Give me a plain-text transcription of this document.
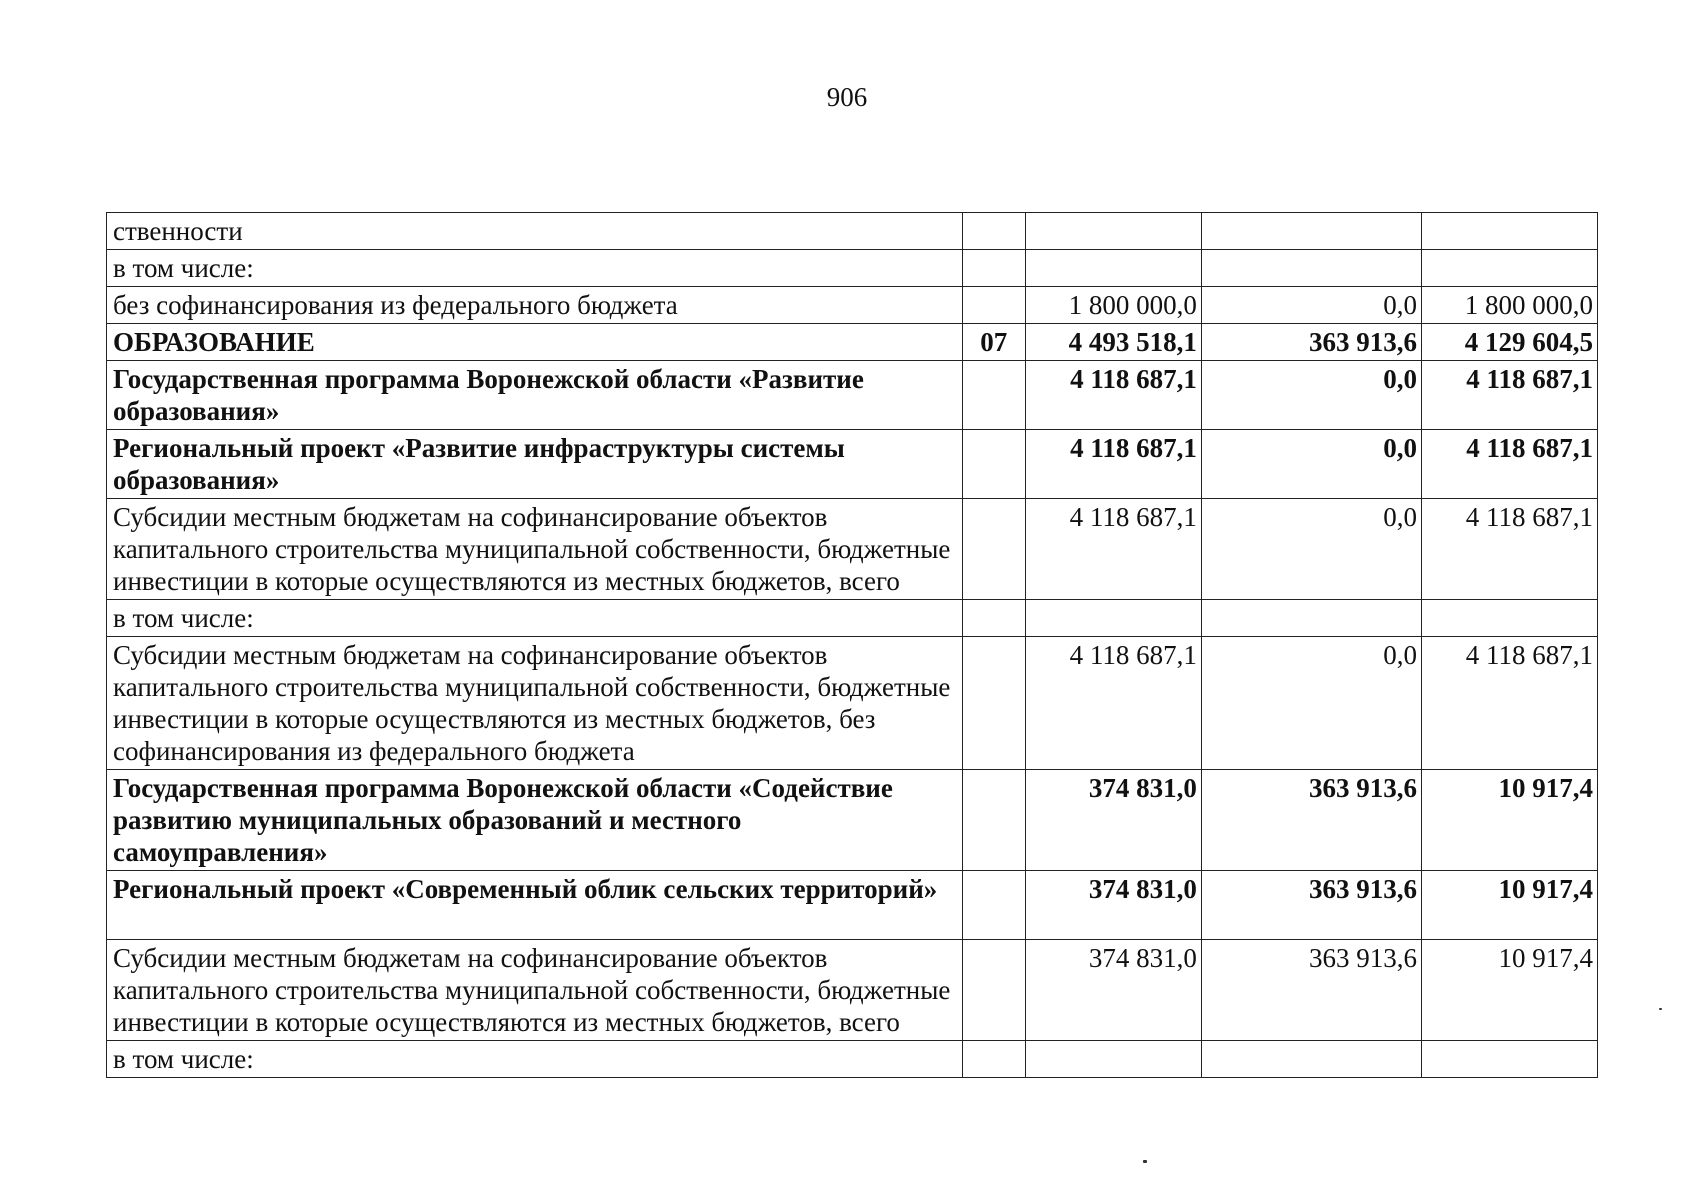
906
ственности				
в том числе:				
без софинансирования из федерального бюджета		1 800 000,0	0,0	1 800 000,0
ОБРАЗОВАНИЕ	07	4 493 518,1	363 913,6	4 129 604,5
Государственная программа Воронежской области «Развитие образования»		4 118 687,1	0,0	4 118 687,1
Региональный проект «Развитие инфраструктуры системы образования»		4 118 687,1	0,0	4 118 687,1
Субсидии местным бюджетам на софинансирование объектов капитального строительства муниципальной собственности, бюджетные инвестиции в которые осуществляются из местных бюджетов, всего		4 118 687,1	0,0	4 118 687,1
в том числе:				
Субсидии местным бюджетам на софинансирование объектов капитального строительства муниципальной собственности, бюджетные инвестиции в которые осуществляются из местных бюджетов, без софинансирования из федерального бюджета		4 118 687,1	0,0	4 118 687,1
Государственная программа Воронежской области «Содействие развитию муниципальных образований и местного самоуправления»		374 831,0	363 913,6	10 917,4
Региональный проект «Современный облик сельских территорий»		374 831,0	363 913,6	10 917,4
Субсидии местным бюджетам на софинансирование объектов капитального строительства муниципальной собственности, бюджетные инвестиции в которые осуществляются из местных бюджетов, всего		374 831,0	363 913,6	10 917,4
в том числе:				
